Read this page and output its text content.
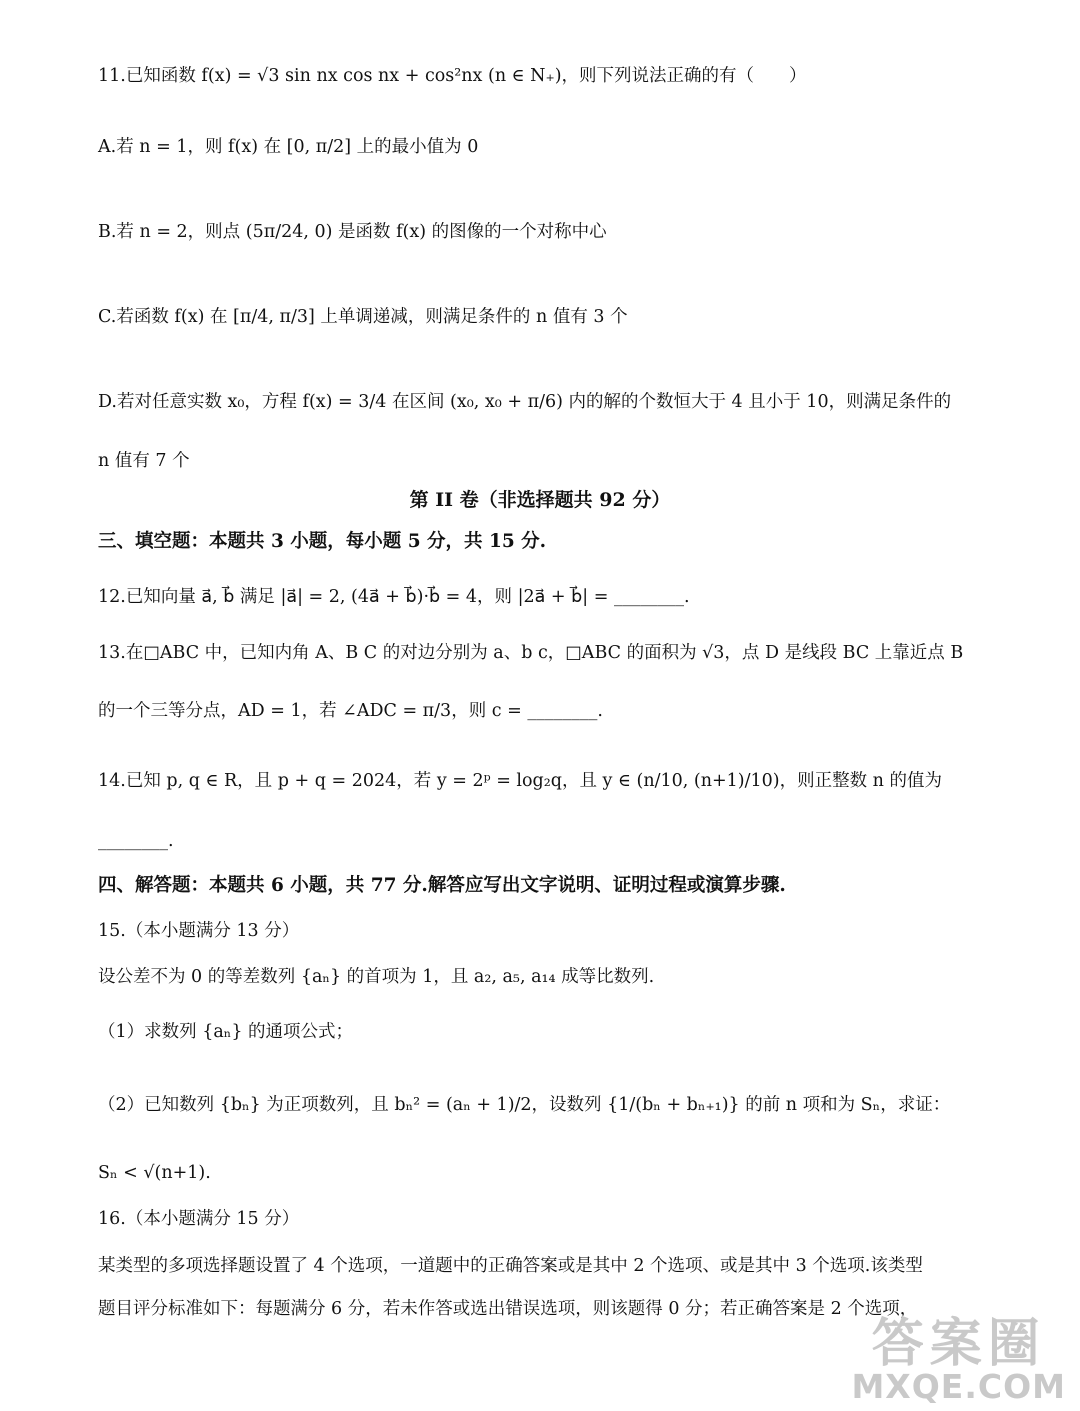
11.已知函数 f(x) = √3 sin nx cos nx + cos²nx (n ∈ N₊)，则下列说法正确的有（　　）
A.若 n = 1，则 f(x) 在 [0, π/2] 上的最小值为 0
B.若 n = 2，则点 (5π/24, 0) 是函数 f(x) 的图像的一个对称中心
C.若函数 f(x) 在 [π/4, π/3] 上单调递减，则满足条件的 n 值有 3 个
D.若对任意实数 x₀，方程 f(x) = 3/4 在区间 (x₀, x₀ + π/6) 内的解的个数恒大于 4 且小于 10，则满足条件的
n 值有 7 个
第 II 卷（非选择题共 92 分）
三、填空题：本题共 3 小题，每小题 5 分，共 15 分.
12.已知向量 a⃗, b⃗ 满足 |a⃗| = 2, (4a⃗ + b⃗)·b⃗ = 4，则 |2a⃗ + b⃗| = ________.
13.在□ABC 中，已知内角 A、B C 的对边分别为 a、b c，□ABC 的面积为 √3，点 D 是线段 BC 上靠近点 B
的一个三等分点，AD = 1，若 ∠ADC = π/3，则 c = ________.
14.已知 p, q ∈ R，且 p + q = 2024，若 y = 2ᵖ = log₂q，且 y ∈ (n/10, (n+1)/10)，则正整数 n 的值为
________.
四、解答题：本题共 6 小题，共 77 分.解答应写出文字说明、证明过程或演算步骤.
15.（本小题满分 13 分）
设公差不为 0 的等差数列 {aₙ} 的首项为 1，且 a₂, a₅, a₁₄ 成等比数列.
（1）求数列 {aₙ} 的通项公式；
（2）已知数列 {bₙ} 为正项数列，且 bₙ² = (aₙ + 1)/2，设数列 {1/(bₙ + bₙ₊₁)} 的前 n 项和为 Sₙ，求证：
Sₙ < √(n+1).
16.（本小题满分 15 分）
某类型的多项选择题设置了 4 个选项，一道题中的正确答案或是其中 2 个选项、或是其中 3 个选项.该类型
题目评分标准如下：每题满分 6 分，若未作答或选出错误选项，则该题得 0 分；若正确答案是 2 个选项，
答案圈
MXQE.COM
